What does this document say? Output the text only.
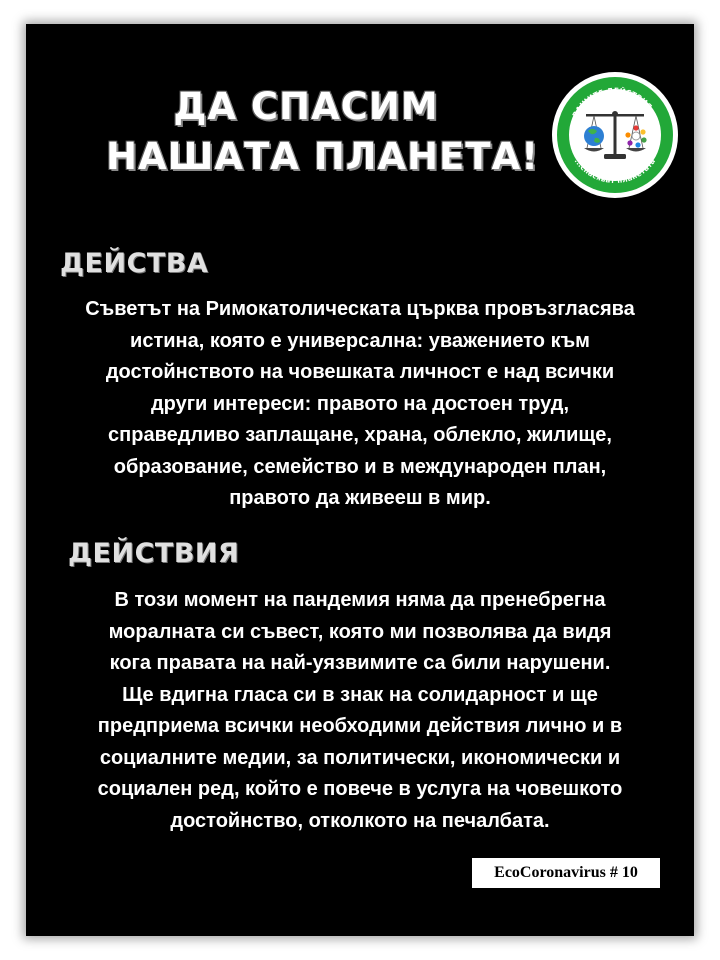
ДА СПАСИМ
НАШАТА ПЛАНЕТА!
ВАШИТЕ ДЕЙСТВИЯ...
...спасяват планетата
ДЕЙСТВА
Съветът на Римокатолическата църква провъзгласява
истина, която е универсална: уважението към
достойнството на човешката личност е над всички
други интереси: правото на достоен труд,
справедливо заплащане, храна, облекло, жилище,
образование, семейство и в международен план,
правото да живееш в мир.
ДЕЙСТВИЯ
В този момент на пандемия няма да пренебрегна
моралната си съвест, която ми позволява да видя
кога правата на най-уязвимите са били нарушени.
Ще вдигна гласа си в знак на солидарност и ще
предприема всички необходими действия лично и в
социалните медии, за политически, икономически и
социален ред, който е повече в услуга на човешкото
достойнство, отколкото на печалбата.
EcoCoronavirus # 10
